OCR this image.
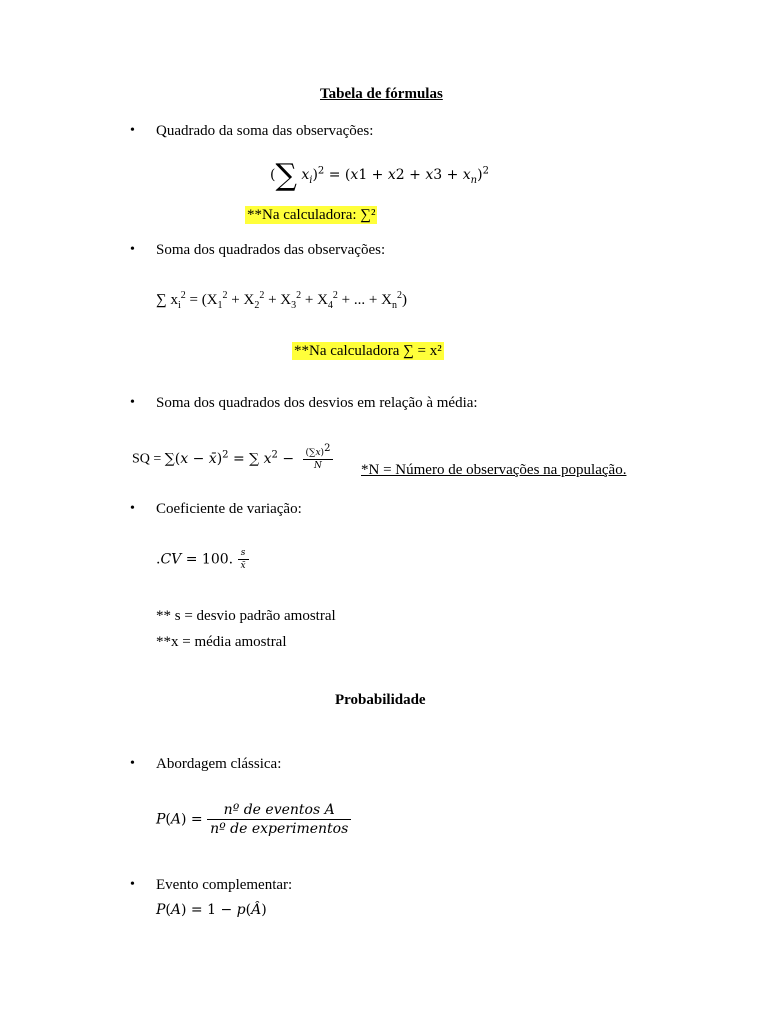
Tabela de fórmulas
• Quadrado da soma das observações:
(∑ $x_i)^2 = (x1 + x2 + x3 + x_n)^2$
**Na calculadora: ∑²
• Soma dos quadrados das observações:
∑ $x_i^2 = (X_1^2 + X_2^2 + X_3^2 + X_4^2$ + ... + $X_n^2$)
**Na calculadora ∑ = x²
• Soma dos quadrados dos desvios em relação à média:
SQ = ∑(x − x̄)$^2$ = ∑ $x^2 - \frac{(\sum x)^2}{N} *N$ = Número de observações na população.
• Coeficiente de variação:
.CV = 100. $\frac{s}{x̄}$
** s = desvio padrão amostral
**x = média amostral
Probabilidade
• Abordagem clássica:
$P(A) = \frac{\text{nº de eventos A}}{\text{nº de experimentos}}$
• Evento complementar:
P(A) = 1 − p(Â)
